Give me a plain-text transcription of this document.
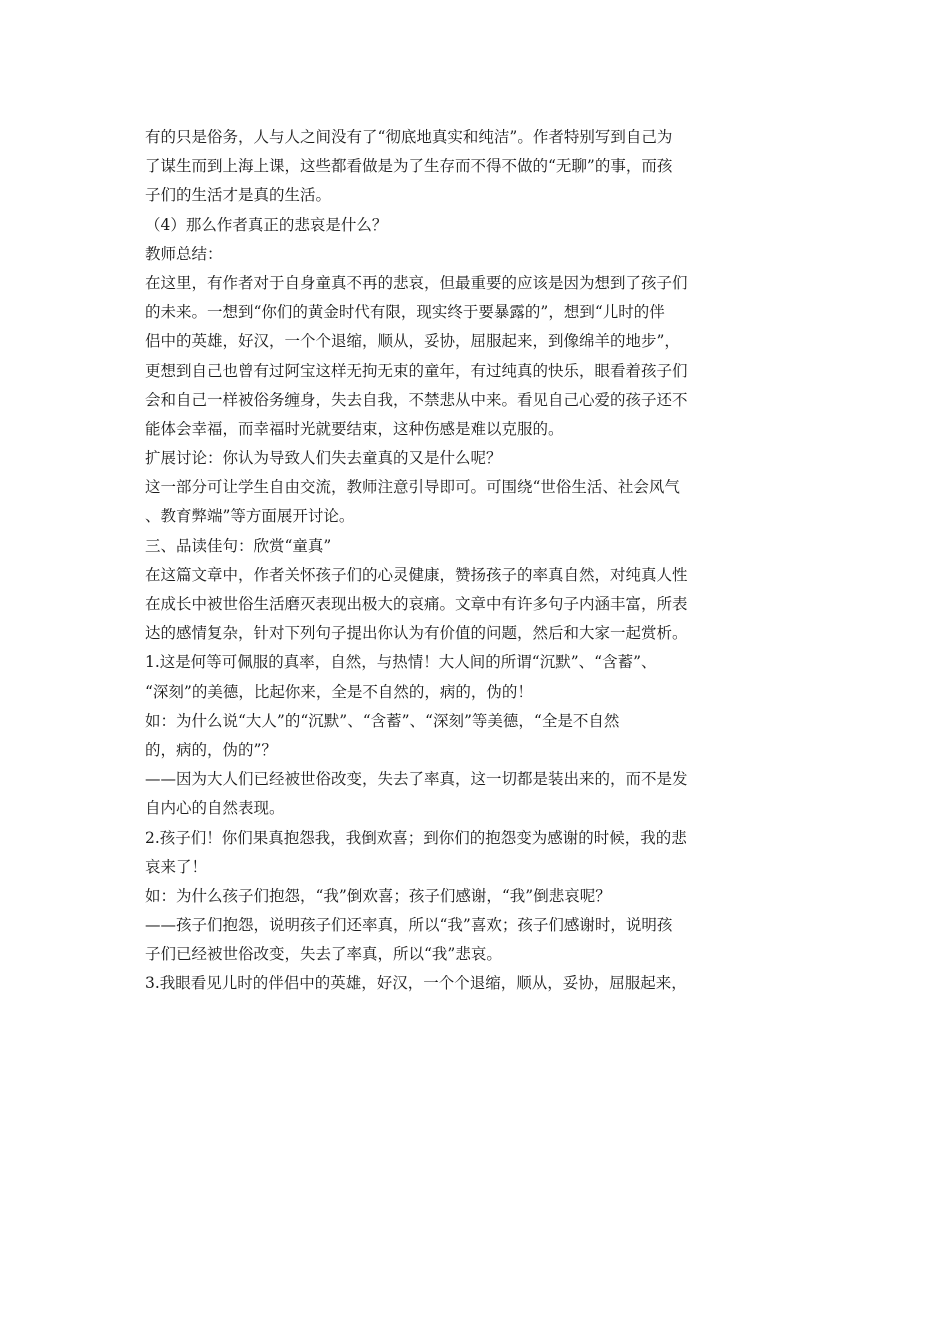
有的只是俗务，人与人之间没有了“彻底地真实和纯洁”。作者特别写到自己为
了谋生而到上海上课，这些都看做是为了生存而不得不做的“无聊”的事，而孩
子们的生活才是真的生活。
（4）那么作者真正的悲哀是什么？
教师总结：
在这里，有作者对于自身童真不再的悲哀，但最重要的应该是因为想到了孩子们
的未来。一想到“你们的黄金时代有限，现实终于要暴露的”，想到“儿时的伴
侣中的英雄，好汉，一个个退缩，顺从，妥协，屈服起来，到像绵羊的地步”，
更想到自己也曾有过阿宝这样无拘无束的童年，有过纯真的快乐，眼看着孩子们
会和自己一样被俗务缠身，失去自我，不禁悲从中来。看见自己心爱的孩子还不
能体会幸福，而幸福时光就要结束，这种伤感是难以克服的。
扩展讨论：你认为导致人们失去童真的又是什么呢？
这一部分可让学生自由交流，教师注意引导即可。可围绕“世俗生活、社会风气
、教育弊端”等方面展开讨论。
三、品读佳句：欣赏“童真”
在这篇文章中，作者关怀孩子们的心灵健康，赞扬孩子的率真自然，对纯真人性
在成长中被世俗生活磨灭表现出极大的哀痛。文章中有许多句子内涵丰富，所表
达的感情复杂，针对下列句子提出你认为有价值的问题，然后和大家一起赏析。
1.这是何等可佩服的真率，自然，与热情！大人间的所谓“沉默”、“含蓄”、
“深刻”的美德，比起你来，全是不自然的，病的，伪的！
如：为什么说“大人”的“沉默”、“含蓄”、“深刻”等美德，“全是不自然
的，病的，伪的”？
——因为大人们已经被世俗改变，失去了率真，这一切都是装出来的，而不是发
自内心的自然表现。
2.孩子们！你们果真抱怨我，我倒欢喜；到你们的抱怨变为感谢的时候，我的悲
哀来了！
如：为什么孩子们抱怨，“我”倒欢喜；孩子们感谢，“我”倒悲哀呢？
——孩子们抱怨，说明孩子们还率真，所以“我”喜欢；孩子们感谢时，说明孩
子们已经被世俗改变，失去了率真，所以“我”悲哀。
3.我眼看见儿时的伴侣中的英雄，好汉，一个个退缩，顺从，妥协，屈服起来，
